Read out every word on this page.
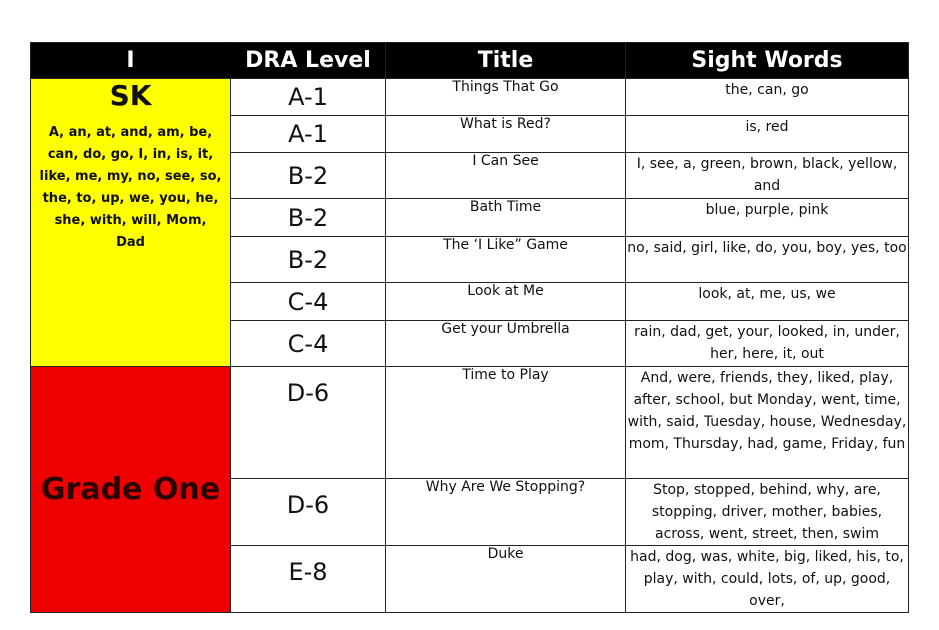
I	DRA Level	Title	Sight Words

SK
A, an, at, and, am, be, can, do, go, I, in, is, it, like, me, my, no, see, so, the, to, up, we, you, he, she, with, will, Mom, Dad	A-1	Things That Go	the, can, go
	A-1	What is Red?	is, red
	B-2	I Can See	I, see, a, green, brown, black, yellow, and
	B-2	Bath Time	blue, purple, pink
	B-2	The ‘I Like” Game	no, said, girl, like, do, you, boy, yes, too
	C-4	Look at Me	look, at, me, us, we
	C-4	Get your Umbrella	rain, dad, get, your, looked, in, under, her, here, it, out
Grade One	D-6	Time to Play	And, were, friends, they, liked, play, after, school, but Monday, went, time, with, said, Tuesday, house, Wednesday, mom, Thursday, had, game, Friday, fun
	D-6	Why Are We Stopping?	Stop, stopped, behind, why, are, stopping, driver, mother, babies, across, went, street, then, swim
	E-8	Duke	had, dog, was, white, big, liked, his, to, play, with, could, lots, of, up, good, over,
